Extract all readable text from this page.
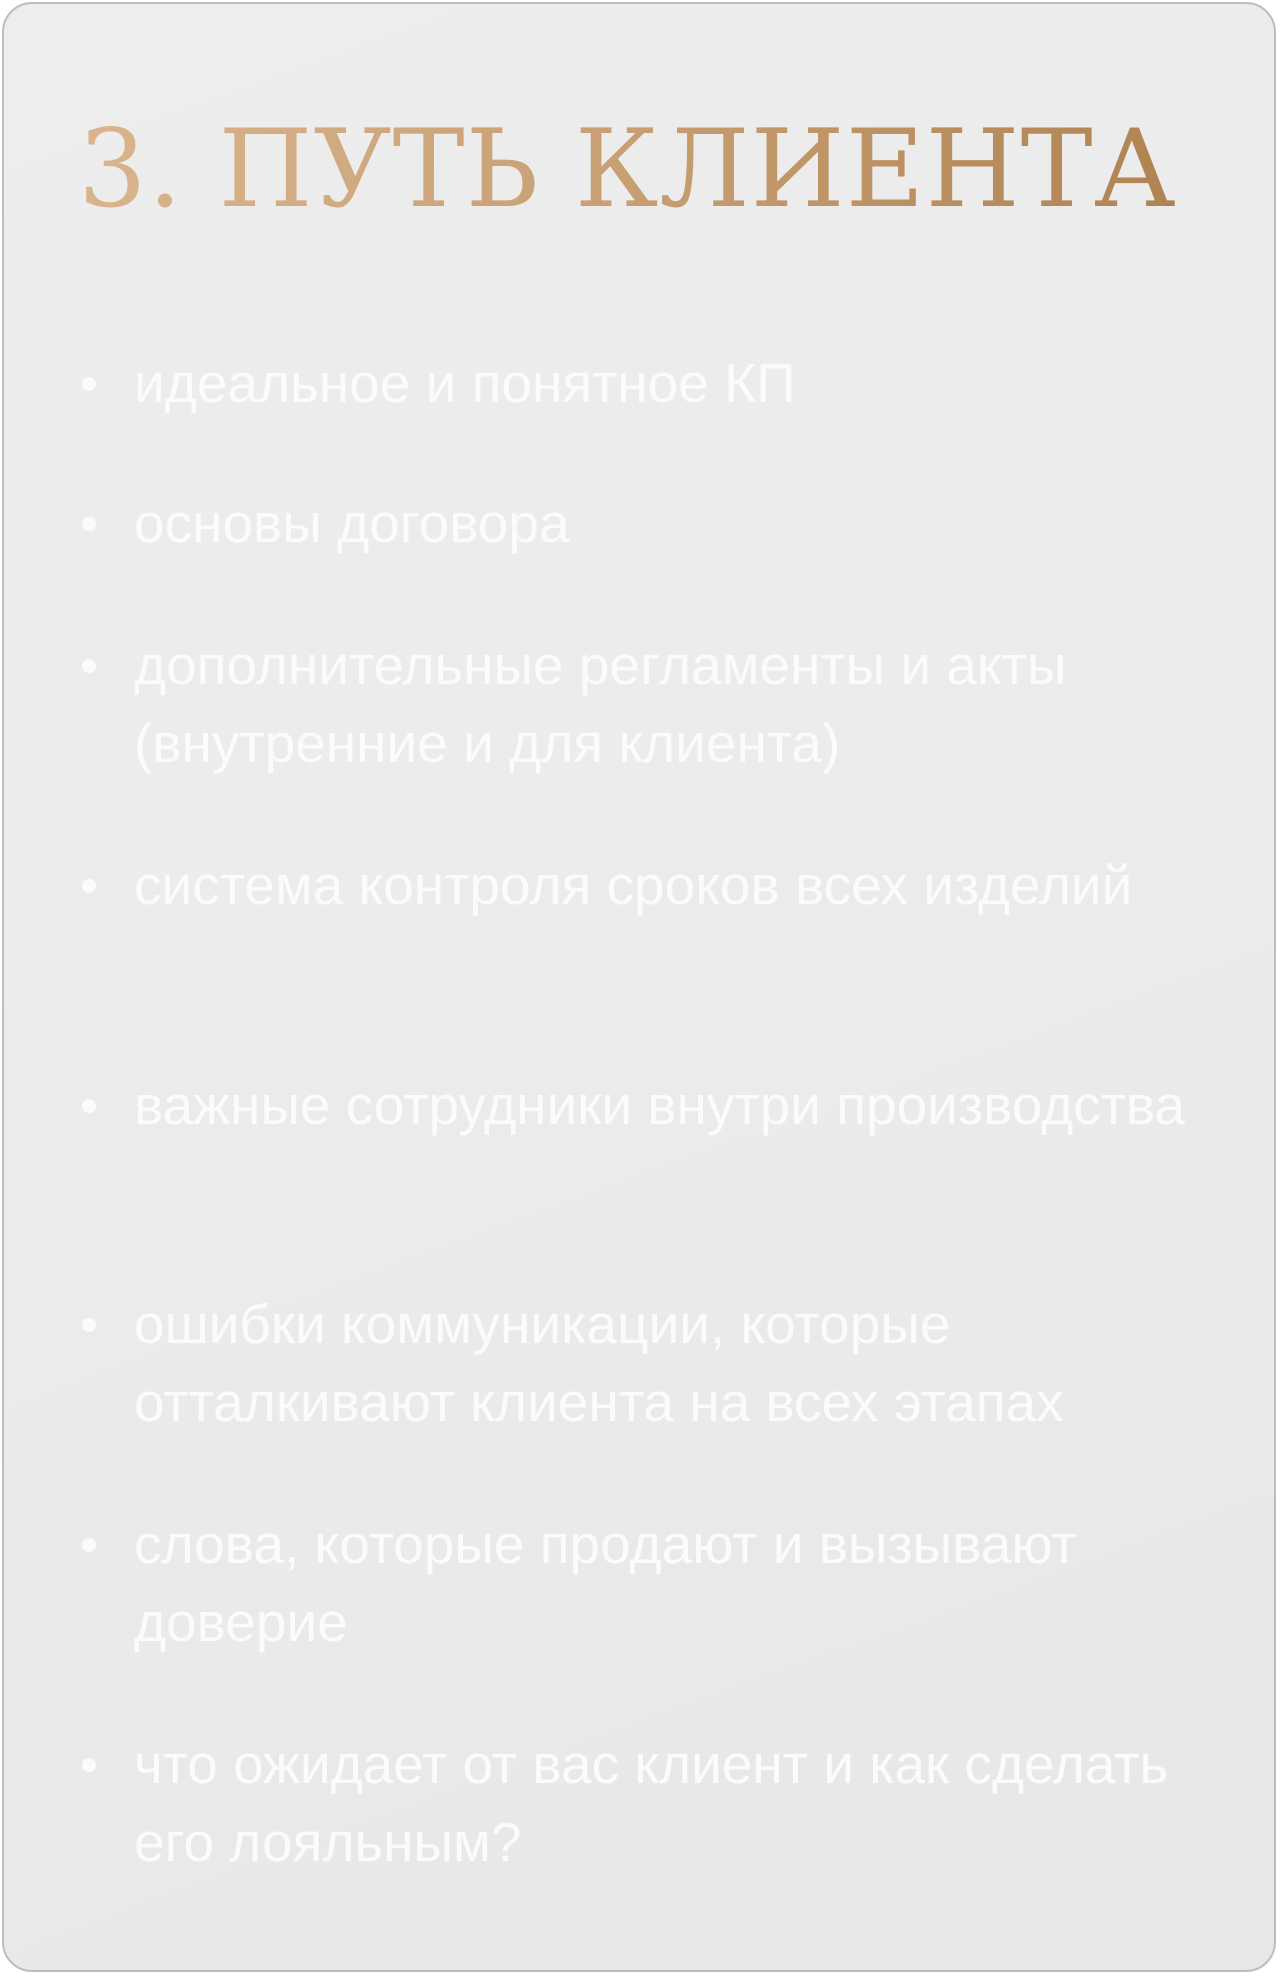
3. ПУТЬ КЛИЕНТА
идеальное и понятное КП
основы договора
дополнительные регламенты и акты (внутренние и для клиента)
система контроля сроков всех изделий
важные сотрудники внутри производства
ошибки коммуникации, которые отталкивают клиента на всех этапах
слова, которые продают и вызывают доверие
что ожидает от вас клиент и как сделать его лояльным?
